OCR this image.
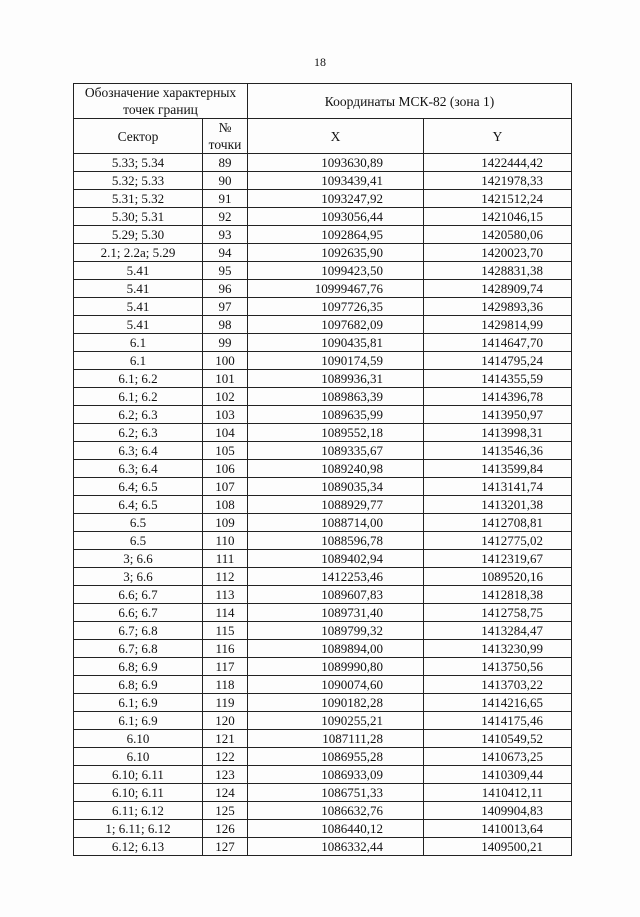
18
Обозначение характерных точек границ		Координаты МСК-82 (зона 1)	
Сектор	№ точки	X	Y
5.33; 5.34	89	1093630,89	1422444,42
5.32; 5.33	90	1093439,41	1421978,33
5.31; 5.32	91	1093247,92	1421512,24
5.30; 5.31	92	1093056,44	1421046,15
5.29; 5.30	93	1092864,95	1420580,06
2.1; 2.2а; 5.29	94	1092635,90	1420023,70
5.41	95	1099423,50	1428831,38
5.41	96	10999467,76	1428909,74
5.41	97	1097726,35	1429893,36
5.41	98	1097682,09	1429814,99
6.1	99	1090435,81	1414647,70
6.1	100	1090174,59	1414795,24
6.1; 6.2	101	1089936,31	1414355,59
6.1; 6.2	102	1089863,39	1414396,78
6.2; 6.3	103	1089635,99	1413950,97
6.2; 6.3	104	1089552,18	1413998,31
6.3; 6.4	105	1089335,67	1413546,36
6.3; 6.4	106	1089240,98	1413599,84
6.4; 6.5	107	1089035,34	1413141,74
6.4; 6.5	108	1088929,77	1413201,38
6.5	109	1088714,00	1412708,81
6.5	110	1088596,78	1412775,02
3; 6.6	111	1089402,94	1412319,67
3; 6.6	112	1412253,46	1089520,16
6.6; 6.7	113	1089607,83	1412818,38
6.6; 6.7	114	1089731,40	1412758,75
6.7; 6.8	115	1089799,32	1413284,47
6.7; 6.8	116	1089894,00	1413230,99
6.8; 6.9	117	1089990,80	1413750,56
6.8; 6.9	118	1090074,60	1413703,22
6.1; 6.9	119	1090182,28	1414216,65
6.1; 6.9	120	1090255,21	1414175,46
6.10	121	1087111,28	1410549,52
6.10	122	1086955,28	1410673,25
6.10; 6.11	123	1086933,09	1410309,44
6.10; 6.11	124	1086751,33	1410412,11
6.11; 6.12	125	1086632,76	1409904,83
1; 6.11; 6.12	126	1086440,12	1410013,64
6.12; 6.13	127	1086332,44	1409500,21
